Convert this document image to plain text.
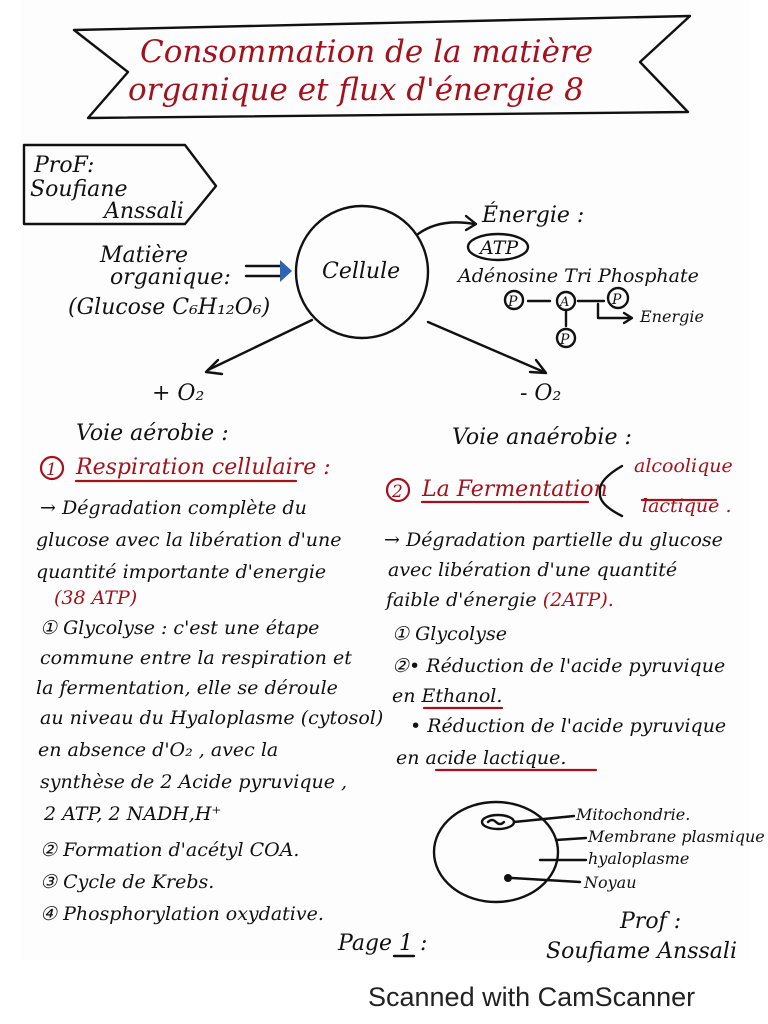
Consommation de la matière
organique et flux d'énergie 8
ProF:
Soufiane
Anssali
Matière
organique:
(Glucose C₆H₁₂O₆)
Cellule
Énergie :
ATP
Adénosine Tri Phosphate
P	A
P
P
Energie
+ O₂	- O₂
Voie aérobie :
1 Respiration cellulaire :
→ Dégradation complète du
glucose avec la libération d'une
quantité importante d'energie
(38 ATP)
① Glycolyse : c'est une étape
commune entre la respiration et
la fermentation, elle se déroule
au niveau du Hyaloplasme (cytosol)
en absence d'O₂ , avec la
synthèse de 2 Acide pyruvique ,
2 ATP, 2 NADH,H⁺
② Formation d'acétyl COA.
③ Cycle de Krebs.
④ Phosphorylation oxydative.
Voie anaérobie :
2 La Fermentation
alcoolique
lactique .
→ Dégradation partielle du glucose
avec libération d'une quantité
faible d'énergie (2ATP).
① Glycolyse
②• Réduction de l'acide pyruvique
en Ethanol.
• Réduction de l'acide pyruvique
en acide lactique.
Mitochondrie.
Membrane plasmique
hyaloplasme
Noyau
Page 1 :
Prof :
Soufiame Anssali
Scanned with CamScanner
